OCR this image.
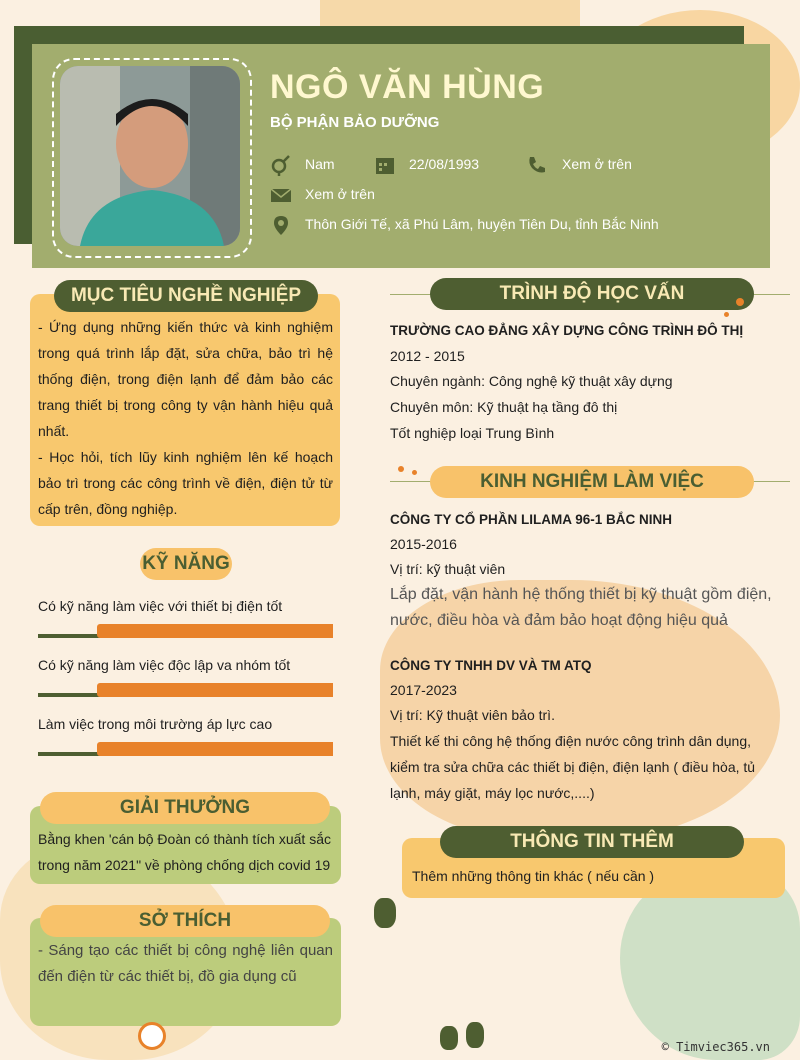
NGÔ VĂN HÙNG
BỘ PHẬN BẢO DƯỠNG
Nam	22/08/1993	Xem ở trên
Xem ở trên
Thôn Giới Tế, xã Phú Lâm, huyện Tiên Du, tỉnh Bắc Ninh
MỤC TIÊU NGHỀ NGHIỆP
- Ứng dụng những kiến thức và kinh nghiệm trong quá trình lắp đặt, sửa chữa, bảo trì hệ thống điện, trong điện lạnh để đảm bảo các trang thiết bị trong công ty vận hành hiệu quả nhất.
- Học hỏi, tích lũy kinh nghiệm lên kế hoạch bảo trì trong các công trình về điện, điện tử từ cấp trên, đồng nghiệp.
KỸ NĂNG
Có kỹ năng làm việc với thiết bị điện tốt
Có kỹ năng làm việc độc lập va nhóm tốt
Làm việc trong môi trường áp lực cao
GIẢI THƯỞNG
Bằng khen 'cán bộ Đoàn có thành tích xuất sắc trong năm 2021" về phòng chống dịch covid 19
SỞ THÍCH
- Sáng tạo các thiết bị công nghệ liên quan đến điện từ các thiết bị, đồ gia dụng cũ
TRÌNH ĐỘ HỌC VẤN
TRƯỜNG CAO ĐẲNG XÂY DỰNG CÔNG TRÌNH ĐÔ THỊ
2012 - 2015
Chuyên ngành: Công nghệ kỹ thuật xây dựng
Chuyên môn: Kỹ thuật hạ tầng đô thị
Tốt nghiệp loại Trung Bình
KINH NGHIỆM LÀM VIỆC
CÔNG TY CỔ PHẦN LILAMA 96-1 BẮC NINH
2015-2016
Vị trí: kỹ thuật viên
Lắp đặt, vận hành hệ thống thiết bị kỹ thuật gồm điện, nước, điều hòa và đảm bảo hoạt động hiệu quả
CÔNG TY TNHH DV VÀ TM ATQ
2017-2023
Vị trí: Kỹ thuật viên bảo trì.
Thiết kế thi công hệ thống điện nước công trình dân dụng, kiểm tra sửa chữa các thiết bị điện, điện lạnh ( điều hòa, tủ lạnh, máy giặt, máy lọc nước,....)
THÔNG TIN THÊM
Thêm những thông tin khác ( nếu cần )
© Timviec365.vn
